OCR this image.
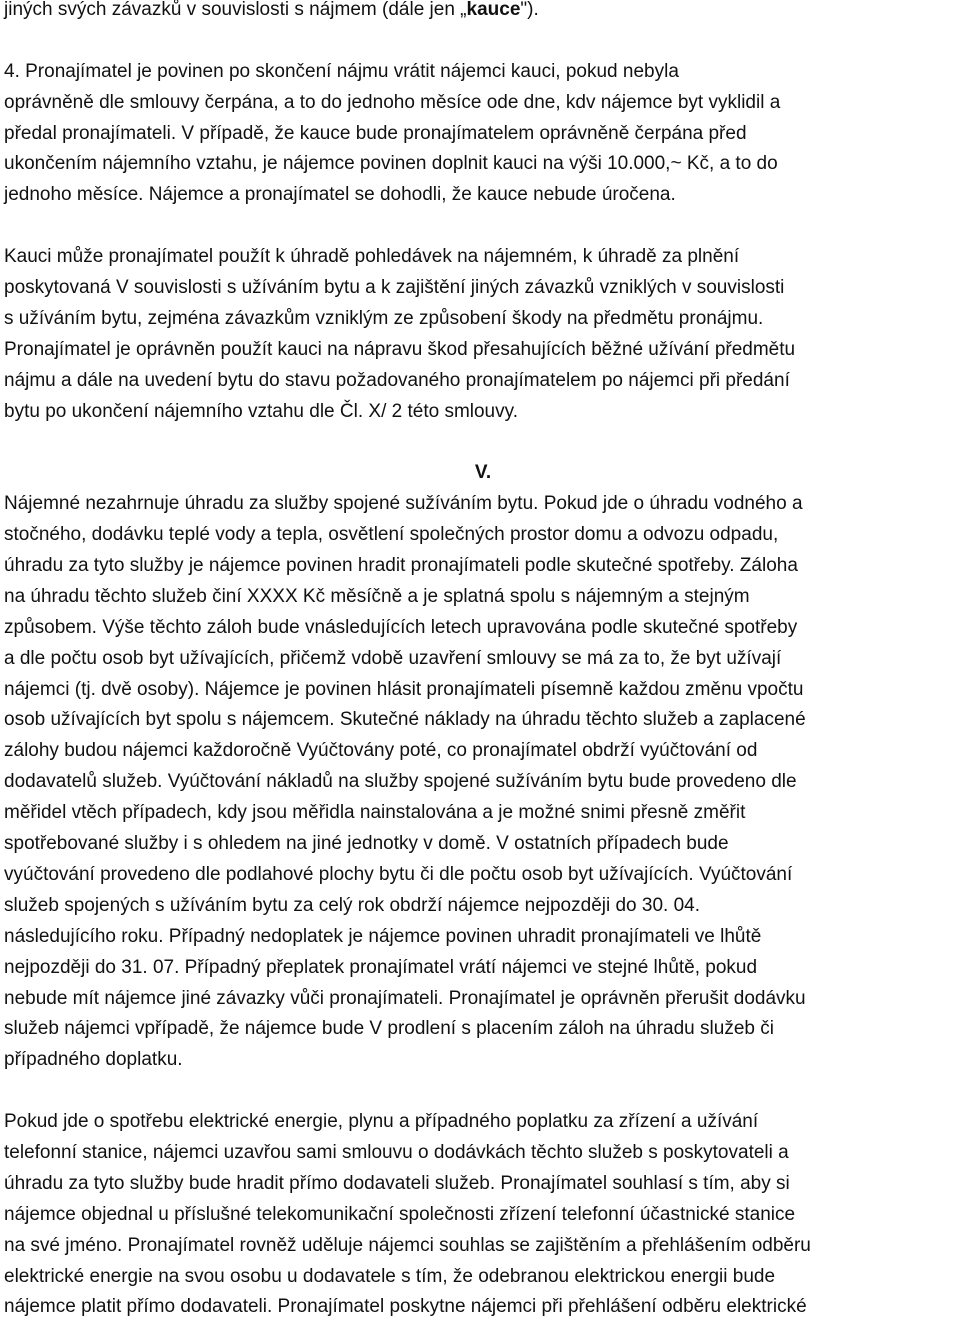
jiných svých závazků v souvislosti s nájmem (dále jen „kauce").
4. Pronajímatel je povinen po skončení nájmu vrátit nájemci kauci, pokud nebyla
oprávněně dle smlouvy čerpána, a to do jednoho měsíce ode dne, kdv nájemce byt vyklidil a
předal pronajímateli. V případě, že kauce bude pronajímatelem oprávněně čerpána před
ukončením nájemního vztahu, je nájemce povinen doplnit kauci na výši 10.000,~ Kč, a to do
jednoho měsíce. Nájemce a pronajímatel se dohodli, že kauce nebude úročena.
Kauci může pronajímatel použít k úhradě pohledávek na nájemném, k úhradě za plnění
poskytovaná V souvislosti s užíváním bytu a k zajištění jiných závazků vzniklých v souvislosti
s užíváním bytu, zejména závazkům vzniklým ze způsobení škody na předmětu pronájmu.
Pronajímatel je oprávněn použít kauci na nápravu škod přesahujících běžné užívání předmětu
nájmu a dále na uvedení bytu do stavu požadovaného pronajímatelem po nájemci při předání
bytu po ukončení nájemního vztahu dle Čl. X/ 2 této smlouvy.
V.
Nájemné nezahrnuje úhradu za služby spojené sužíváním bytu. Pokud jde o úhradu vodného a
stočného, dodávku teplé vody a tepla, osvětlení společných prostor domu a odvozu odpadu,
úhradu za tyto služby je nájemce povinen hradit pronajímateli podle skutečné spotřeby. Záloha
na úhradu těchto služeb činí XXXX Kč měsíčně a je splatná spolu s nájemným a stejným
způsobem. Výše těchto záloh bude vnásledujících letech upravována podle skutečné spotřeby
a dle počtu osob byt užívajících, přičemž vdobě uzavření smlouvy se má za to, že byt užívají
nájemci (tj. dvě osoby). Nájemce je povinen hlásit pronajímateli písemně každou změnu vpočtu
osob užívajících byt spolu s nájemcem. Skutečné náklady na úhradu těchto služeb a zaplacené
zálohy budou nájemci každoročně Vyúčtovány poté, co pronajímatel obdrží vyúčtování od
dodavatelů služeb. Vyúčtování nákladů na služby spojené sužíváním bytu bude provedeno dle
měřidel vtěch případech, kdy jsou měřidla nainstalována a je možné snimi přesně změřit
spotřebované služby i s ohledem na jiné jednotky v domě. V ostatních případech bude
vyúčtování provedeno dle podlahové plochy bytu či dle počtu osob byt užívajících. Vyúčtování
služeb spojených s užíváním bytu za celý rok obdrží nájemce nejpozději do 30. 04.
následujícího roku. Případný nedoplatek je nájemce povinen uhradit pronajímateli ve lhůtě
nejpozději do 31. 07. Případný přeplatek pronajímatel vrátí nájemci ve stejné lhůtě, pokud
nebude mít nájemce jiné závazky vůči pronajímateli. Pronajímatel je oprávněn přerušit dodávku
služeb nájemci vpřípadě, že nájemce bude V prodlení s placením záloh na úhradu služeb či
případného doplatku.
Pokud jde o spotřebu elektrické energie, plynu a případného poplatku za zřízení a užívání
telefonní stanice, nájemci uzavřou sami smlouvu o dodávkách těchto služeb s poskytovateli a
úhradu za tyto služby bude hradit přímo dodavateli služeb. Pronajímatel souhlasí s tím, aby si
nájemce objednal u příslušné telekomunikační společnosti zřízení telefonní účastnické stanice
na své jméno. Pronajímatel rovněž uděluje nájemci souhlas se zajištěním a přehlášením odběru
elektrické energie na svou osobu u dodavatele s tím, že odebranou elektrickou energii bude
nájemce platit přímo dodavateli. Pronajímatel poskytne nájemci při přehlášení odběru elektrické
